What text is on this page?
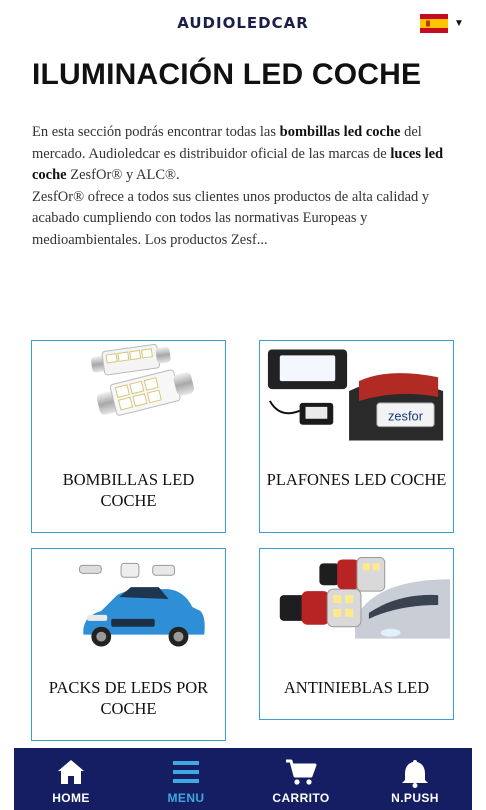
AUDIOLEDCAR	▼
ILUMINACIÓN LED COCHE
En esta sección podrás encontrar todas las bombillas led coche del mercado. Audioledcar es distribuidor oficial de las marcas de luces led coche ZesfOr® y ALC®.
ZesfOr® ofrece a todos sus clientes unos productos de alta calidad y acabado cumpliendo con todos las normativas Europeas y medioambientales. Los productos Zesf...
BOMBILLAS LED COCHE
zesfor
PLAFONES LED COCHE
PACKS DE LEDS POR COCHE
ANTINIEBLAS LED
HOME	MENU	CARRITO	N.PUSH
